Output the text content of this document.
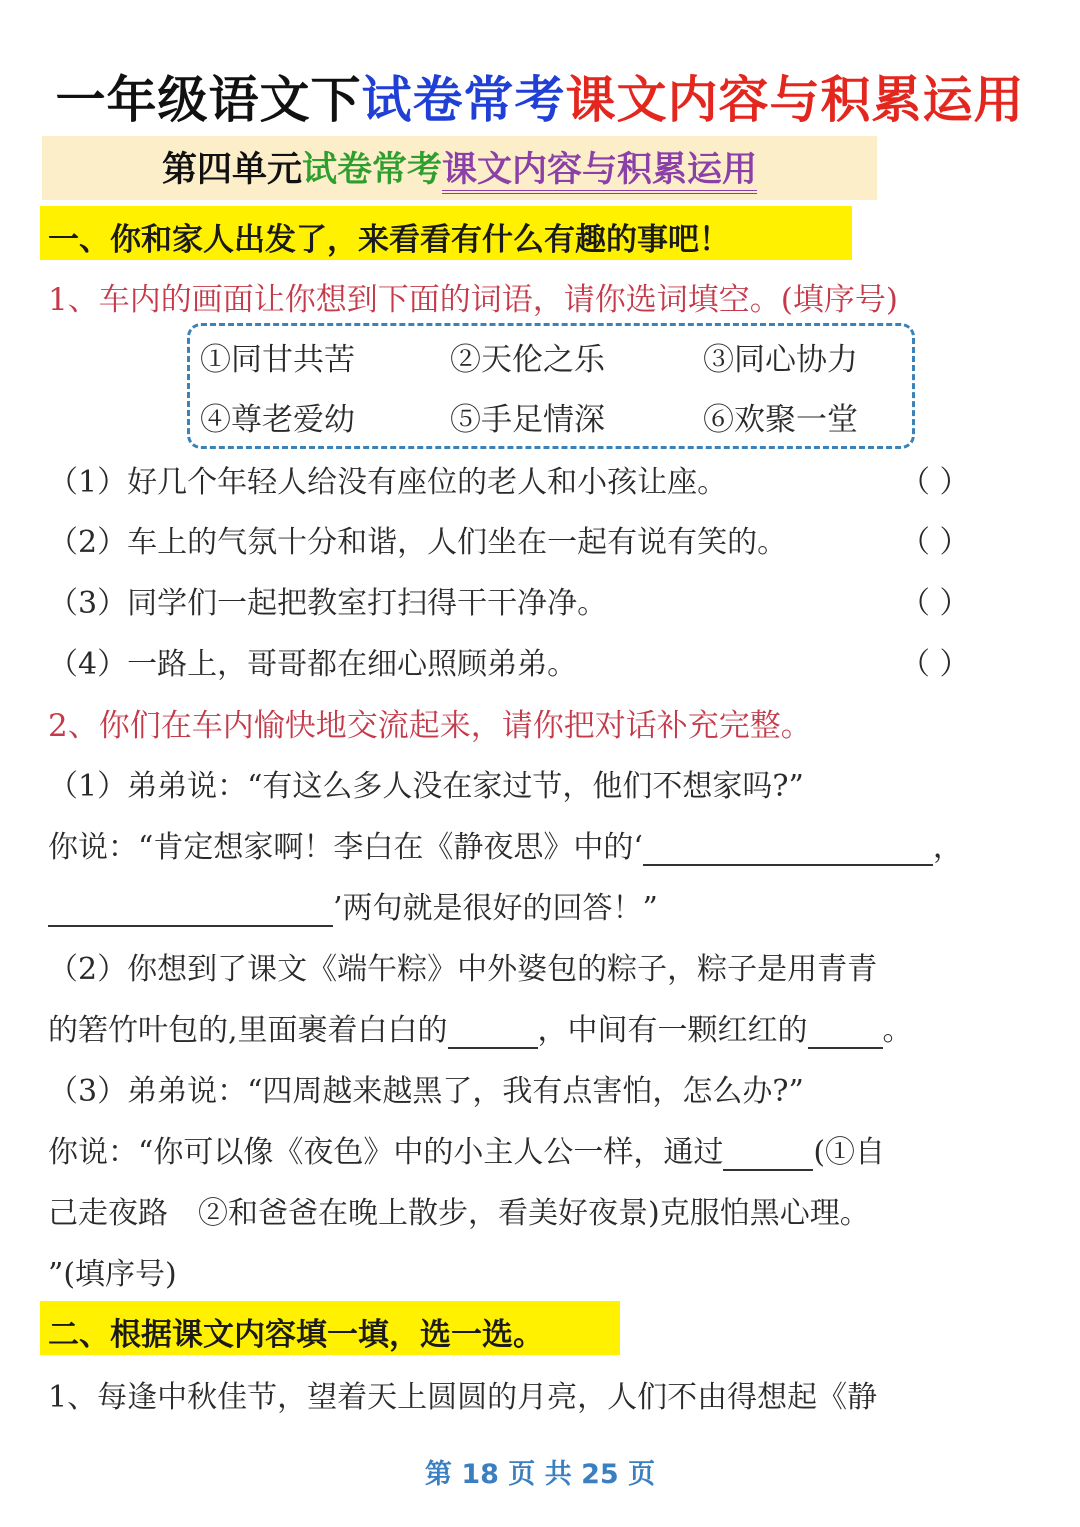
一年级语文下试卷常考课文内容与积累运用
第四单元试卷常考课文内容与积累运用
一、你和家人出发了，来看看有什么有趣的事吧！
1、车内的画面让你想到下面的词语，请你选词填空。(填序号)
①同甘共苦	②天伦之乐	③同心协力
④尊老爱幼	⑤手足情深	⑥欢聚一堂
（1）好几个年轻人给没有座位的老人和小孩让座。	（ ）
（2）车上的气氛十分和谐，人们坐在一起有说有笑的。	（ ）
（3）同学们一起把教室打扫得干干净净。	（ ）
（4）一路上，哥哥都在细心照顾弟弟。	（ ）
2、你们在车内愉快地交流起来，请你把对话补充完整。
（1）弟弟说：“有这么多人没在家过节，他们不想家吗?”
你说：“肯定想家啊！李白在《静夜思》中的‘	，
’两句就是很好的回答！”
（2）你想到了课文《端午粽》中外婆包的粽子，粽子是用青青
的箬竹叶包的,里面裹着白白的	，中间有一颗红红的	。
（3）弟弟说：“四周越来越黑了，我有点害怕，怎么办?”
你说：“你可以像《夜色》中的小主人公一样，通过	(①自
己走夜路　②和爸爸在晚上散步，看美好夜景)克服怕黑心理。
”(填序号)
二、根据课文内容填一填，选一选。
1、每逢中秋佳节，望着天上圆圆的月亮，人们不由得想起《静
第 18 页 共 25 页
